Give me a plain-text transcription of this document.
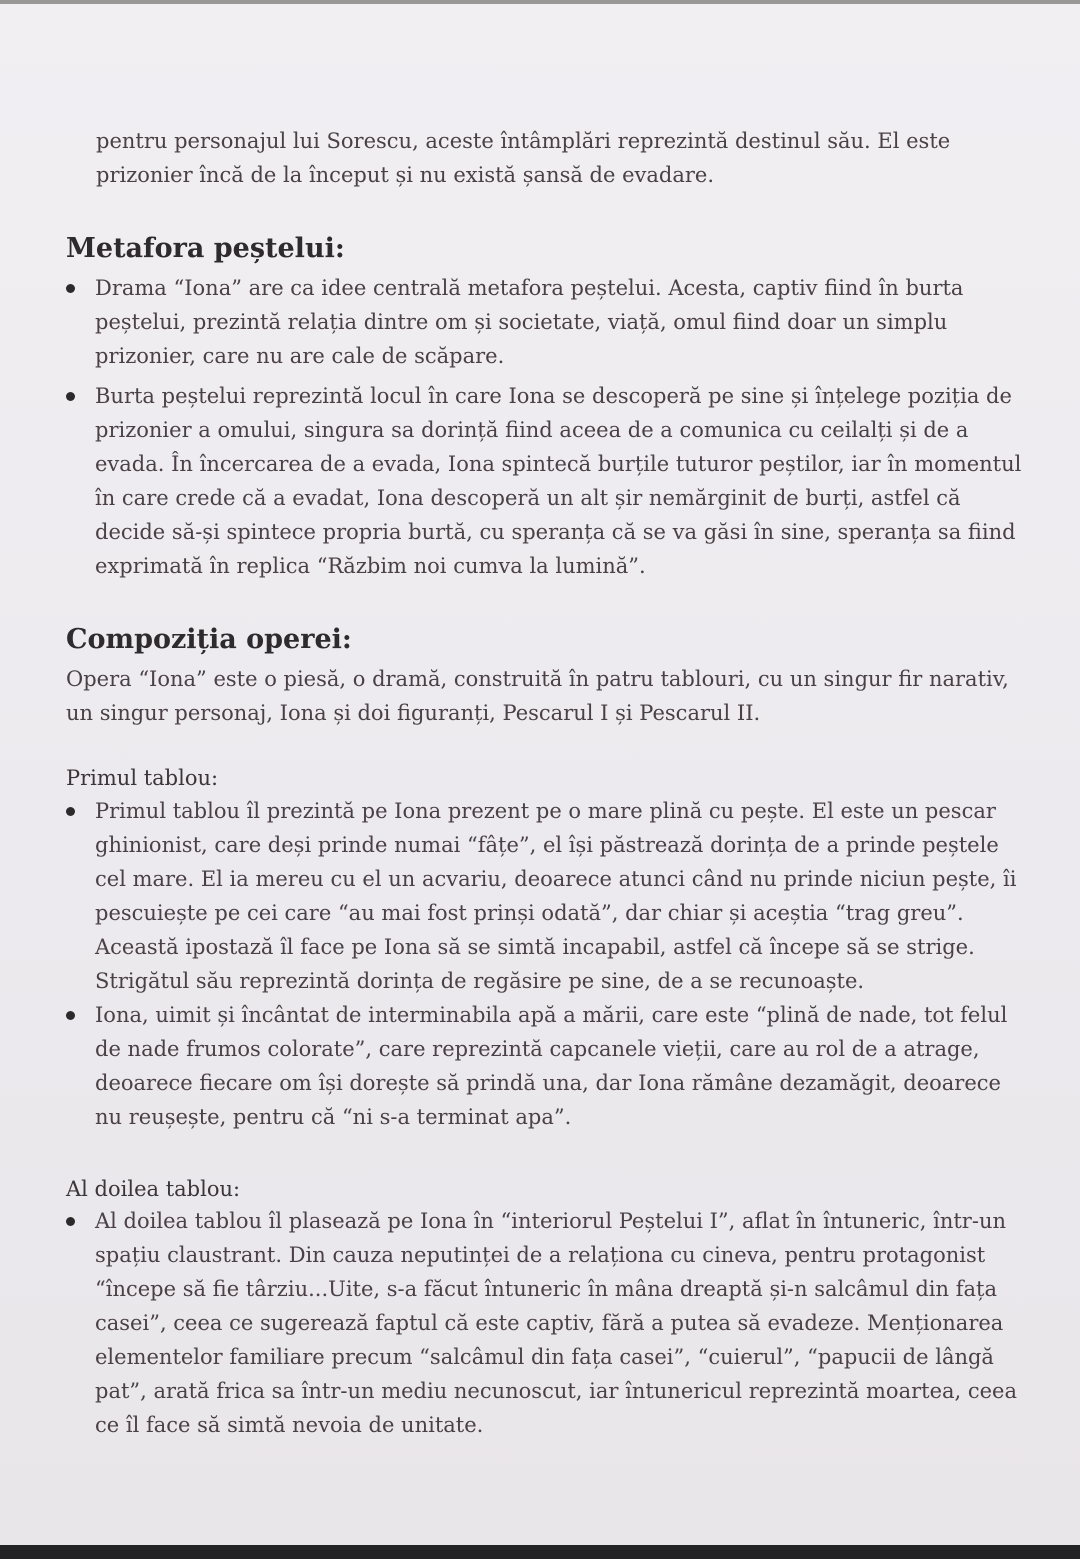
pentru personajul lui Sorescu, aceste întâmplări reprezintă destinul său. El este
prizonier încă de la început și nu există șansă de evadare.
Metafora peștelui:
Drama “Iona” are ca idee centrală metafora peștelui. Acesta, captiv fiind în burta
peștelui, prezintă relația dintre om și societate, viață, omul fiind doar un simplu
prizonier, care nu are cale de scăpare.
Burta peștelui reprezintă locul în care Iona se descoperă pe sine și înțelege poziția de
prizonier a omului, singura sa dorință fiind aceea de a comunica cu ceilalți și de a
evada. În încercarea de a evada, Iona spintecă burțile tuturor peștilor, iar în momentul
în care crede că a evadat, Iona descoperă un alt șir nemărginit de burți, astfel că
decide să-și spintece propria burtă, cu speranța că se va găsi în sine, speranța sa fiind
exprimată în replica “Răzbim noi cumva la lumină”.
Compoziția operei:
Opera “Iona” este o piesă, o dramă, construită în patru tablouri, cu un singur fir narativ,
un singur personaj, Iona și doi figuranți, Pescarul I și Pescarul II.
Primul tablou:
Primul tablou îl prezintă pe Iona prezent pe o mare plină cu pește. El este un pescar
ghinionist, care deși prinde numai “fâțe”, el își păstrează dorința de a prinde peștele
cel mare. El ia mereu cu el un acvariu, deoarece atunci când nu prinde niciun pește, îi
pescuiește pe cei care “au mai fost prinși odată”, dar chiar și aceștia “trag greu”.
Această ipostază îl face pe Iona să se simtă incapabil, astfel că începe să se strige.
Strigătul său reprezintă dorința de regăsire pe sine, de a se recunoaște.
Iona, uimit și încântat de interminabila apă a mării, care este “plină de nade, tot felul
de nade frumos colorate”, care reprezintă capcanele vieții, care au rol de a atrage,
deoarece fiecare om își dorește să prindă una, dar Iona rămâne dezamăgit, deoarece
nu reușește, pentru că “ni s-a terminat apa”.
Al doilea tablou:
Al doilea tablou îl plasează pe Iona în “interiorul Peștelui I”, aflat în întuneric, într-un
spațiu claustrant. Din cauza neputinței de a relaționa cu cineva, pentru protagonist
“începe să fie târziu...Uite, s-a făcut întuneric în mâna dreaptă și-n salcâmul din fața
casei”, ceea ce sugerează faptul că este captiv, fără a putea să evadeze. Menționarea
elementelor familiare precum “salcâmul din fața casei”, “cuierul”, “papucii de lângă
pat”, arată frica sa într-un mediu necunoscut, iar întunericul reprezintă moartea, ceea
ce îl face să simtă nevoia de unitate.
